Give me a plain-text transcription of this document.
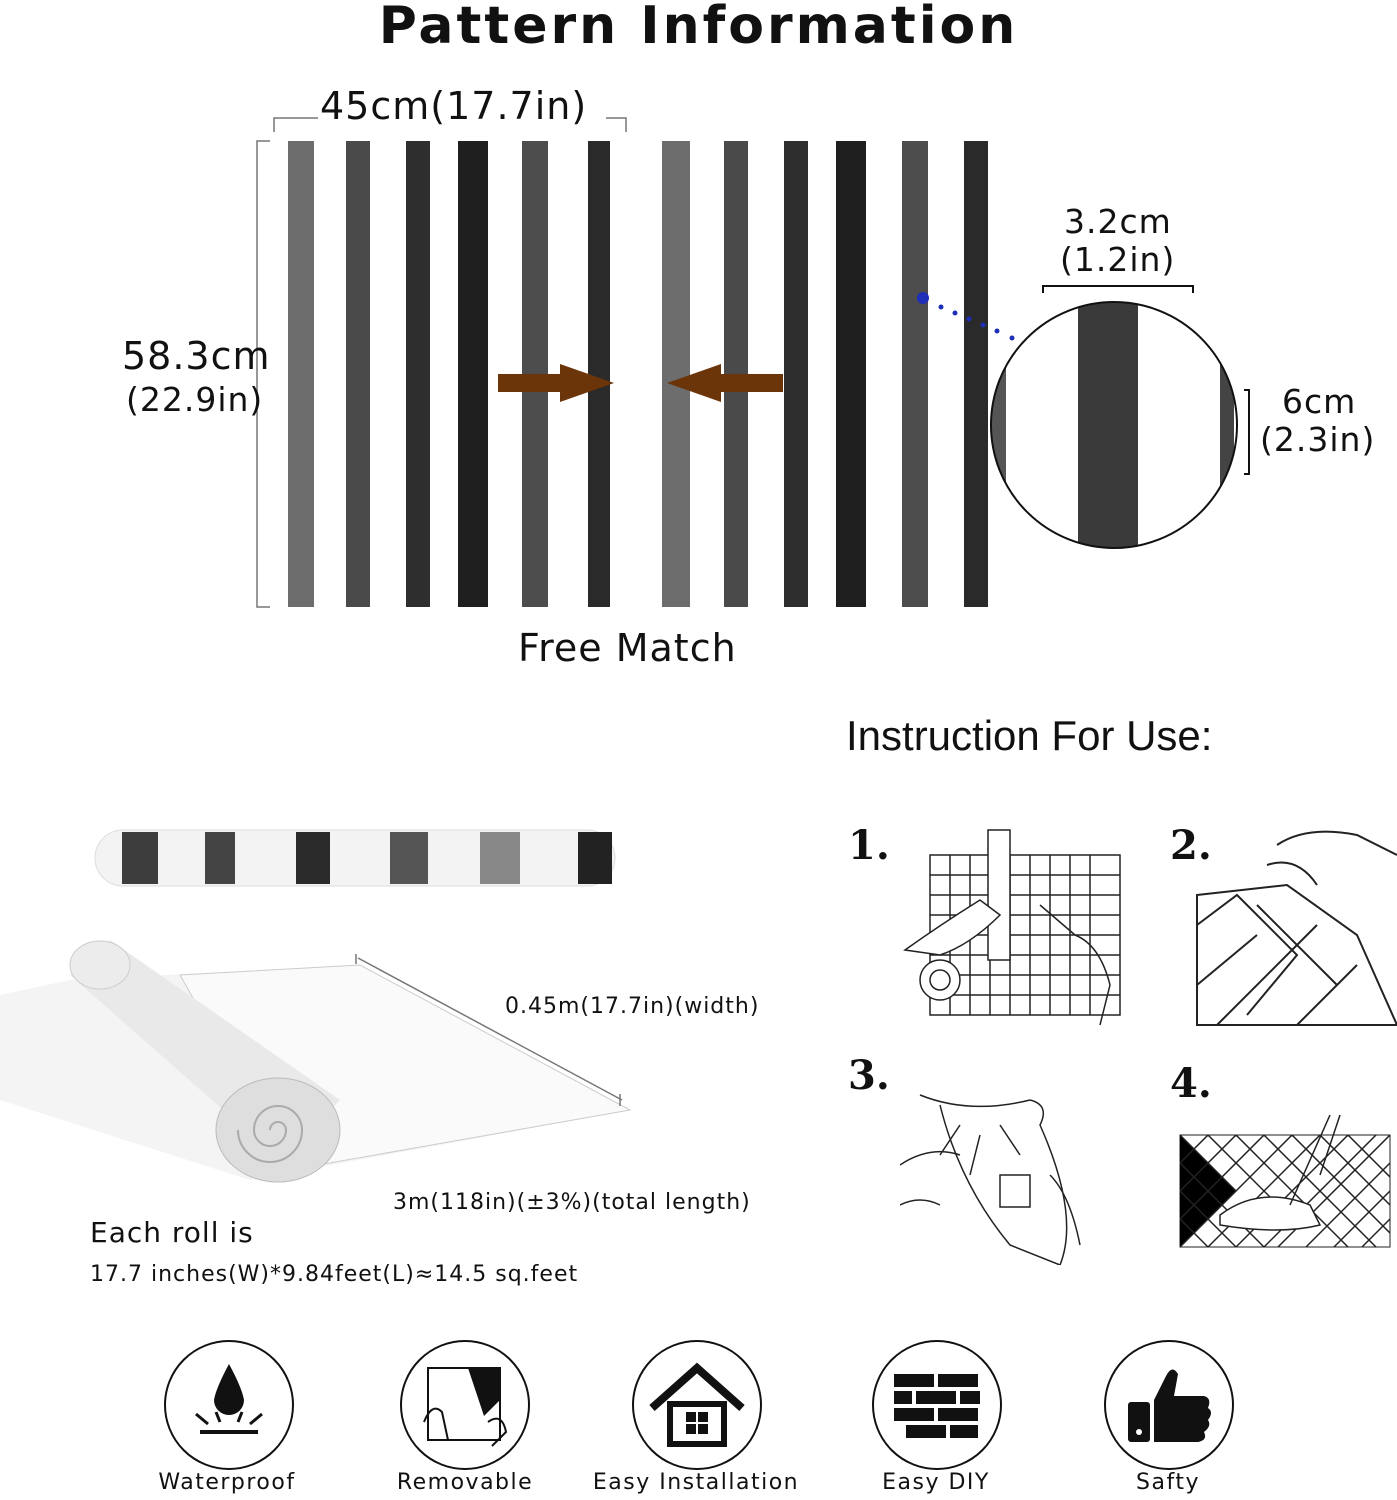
Pattern Information
45cm(17.7in)
58.3cm
(22.9in)
Free Match
3.2cm
(1.2in)
6cm
(2.3in)
Instruction For Use:
0.45m(17.7in)(width)
3m(118in)(±3%)(total length)
Each roll is
17.7 inches(W)*9.84feet(L)≈14.5 sq.feet
1.	2.
3.	4.
Waterproof	Removable	Easy Installation	Easy DIY	Safty
